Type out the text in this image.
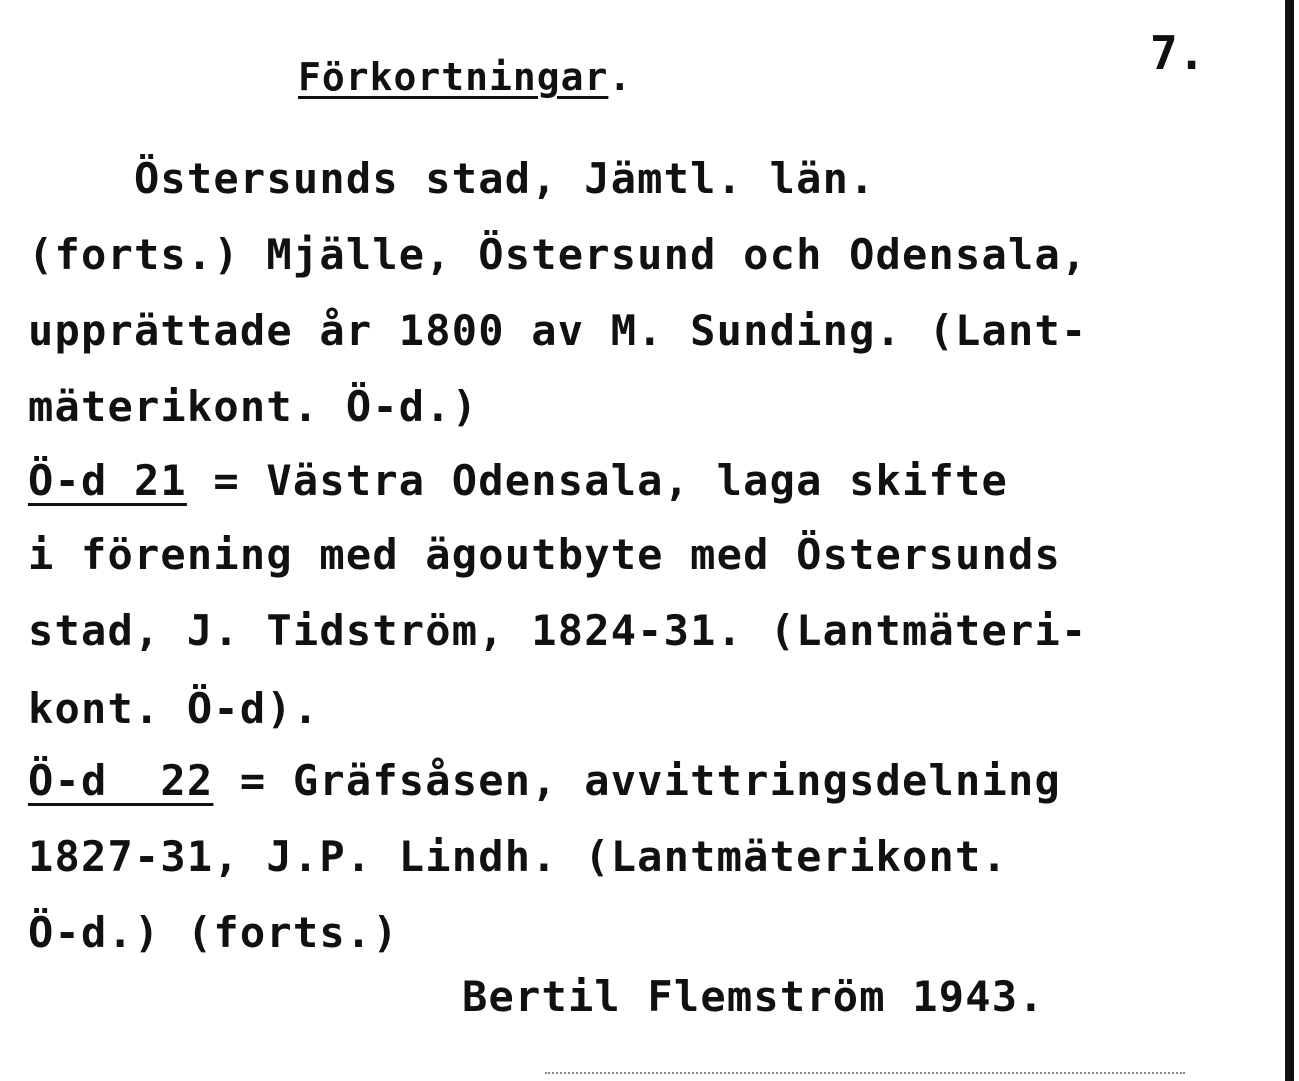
Förkortningar.	7.
Östersunds stad, Jämtl. län.
(forts.) Mjälle, Östersund och Odensala,
upprättade år 1800 av M. Sunding. (Lant-
mäterikont. Ö-d.)
Ö-d 21 = Västra Odensala, laga skifte
i förening med ägoutbyte med Östersunds
stad, J. Tidström, 1824-31. (Lantmäteri-
kont. Ö-d).
Ö-d  22 = Gräfsåsen, avvittringsdelning
1827-31, J.P. Lindh. (Lantmäterikont.
Ö-d.) (forts.)
Bertil Flemström 1943.
